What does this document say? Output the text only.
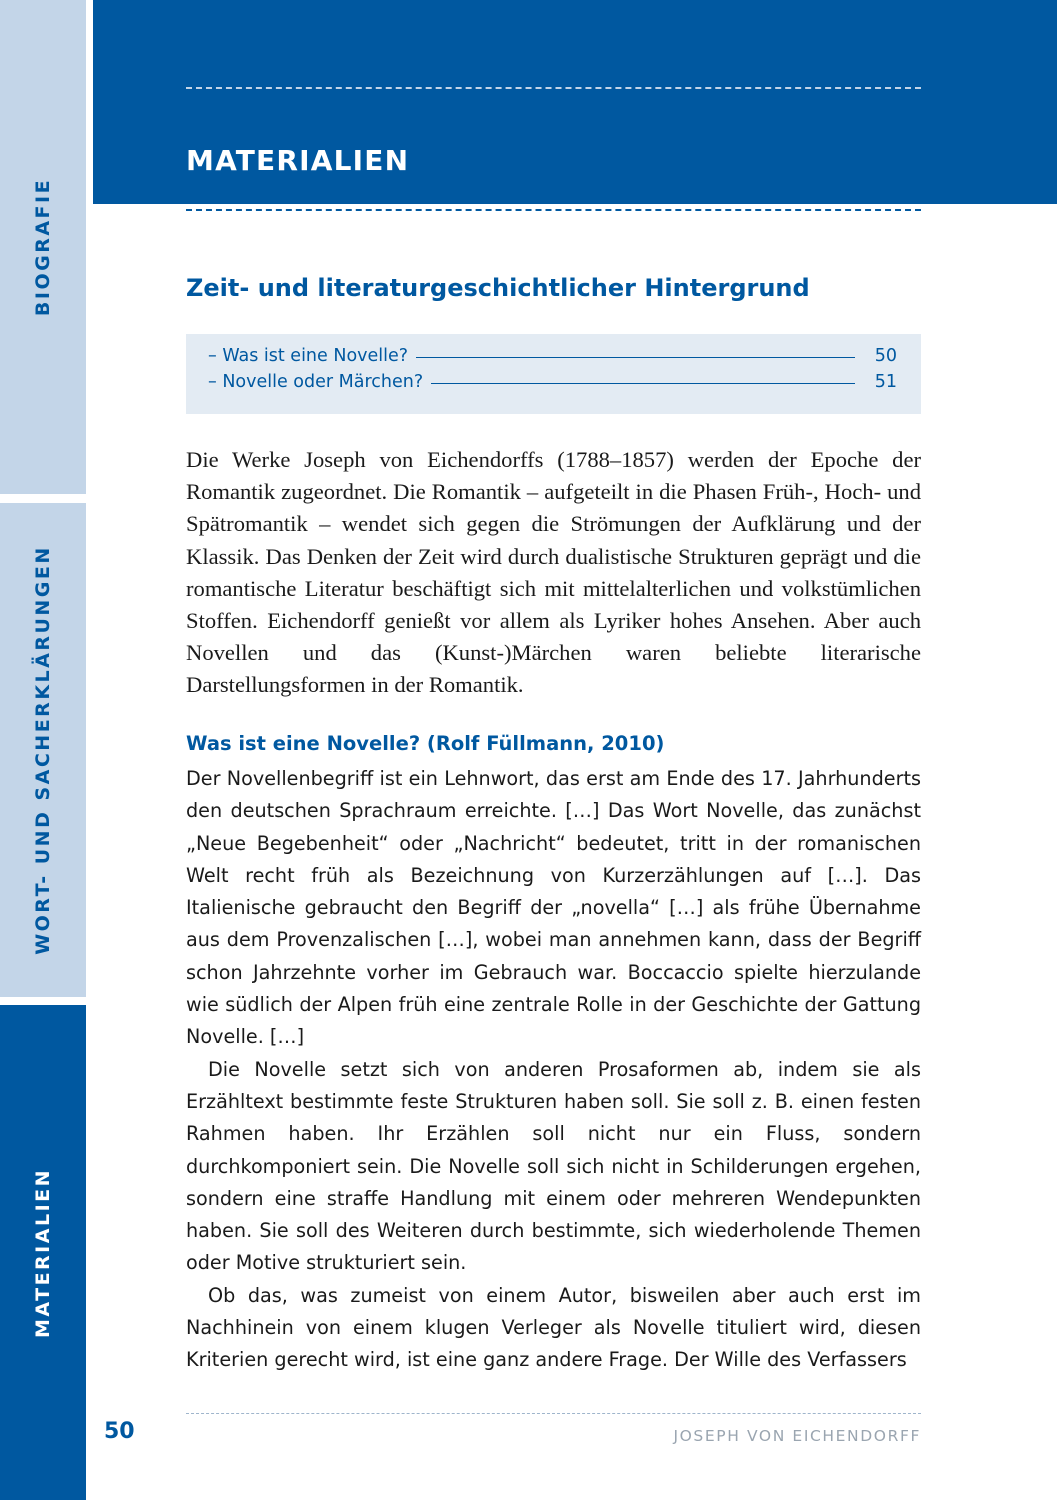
BIOGRAFIE
WORT- UND SACHERKLÄRUNGEN
MATERIALIEN
MATERIALIEN
Zeit- und literaturgeschichtlicher Hintergrund
– Was ist eine Novelle?	50
– Novelle oder Märchen?	51

Die Werke Joseph von Eichendorffs (1788–1857) werden der Epoche der Romantik zugeordnet. Die Romantik – aufgeteilt in die Phasen Früh-, Hoch- und Spätromantik – wendet sich gegen die Strömungen der Aufklärung und der Klassik. Das Denken der Zeit wird durch dualistische Strukturen geprägt und die romantische Literatur beschäftigt sich mit mittelalterlichen und volkstümlichen Stoffen. Eichendorff genießt vor allem als Lyriker hohes Ansehen. Aber auch Novellen und das (Kunst-)Märchen waren beliebte literarische Darstellungsformen in der Romantik.

Was ist eine Novelle? (Rolf Füllmann, 2010)

Der Novellenbegriff ist ein Lehnwort, das erst am Ende des 17. Jahrhunderts den deutschen Sprachraum erreichte. […] Das Wort Novelle, das zunächst „Neue Begebenheit“ oder „Nachricht“ bedeutet, tritt in der romanischen Welt recht früh als Bezeichnung von Kurzerzählungen auf […]. Das Italienische gebraucht den Begriff der „novella“ […] als frühe Übernahme aus dem Provenzalischen […], wobei man annehmen kann, dass der Begriff schon Jahrzehnte vorher im Gebrauch war. Boccaccio spielte hierzulande wie südlich der Alpen früh eine zentrale Rolle in der Geschichte der Gattung Novelle. […]

Die Novelle setzt sich von anderen Prosaformen ab, indem sie als Erzähltext bestimmte feste Strukturen haben soll. Sie soll z. B. einen festen Rahmen haben. Ihr Erzählen soll nicht nur ein Fluss, sondern durchkomponiert sein. Die Novelle soll sich nicht in Schilderungen ergehen, sondern eine straffe Handlung mit einem oder mehreren Wendepunkten haben. Sie soll des Weiteren durch bestimmte, sich wiederholende Themen oder Motive strukturiert sein.

Ob das, was zumeist von einem Autor, bisweilen aber auch erst im Nachhinein von einem klugen Verleger als Novelle tituliert wird, diesen Kriterien gerecht wird, ist eine ganz andere Frage. Der Wille des Verfassers

50	JOSEPH VON EICHENDORFF
